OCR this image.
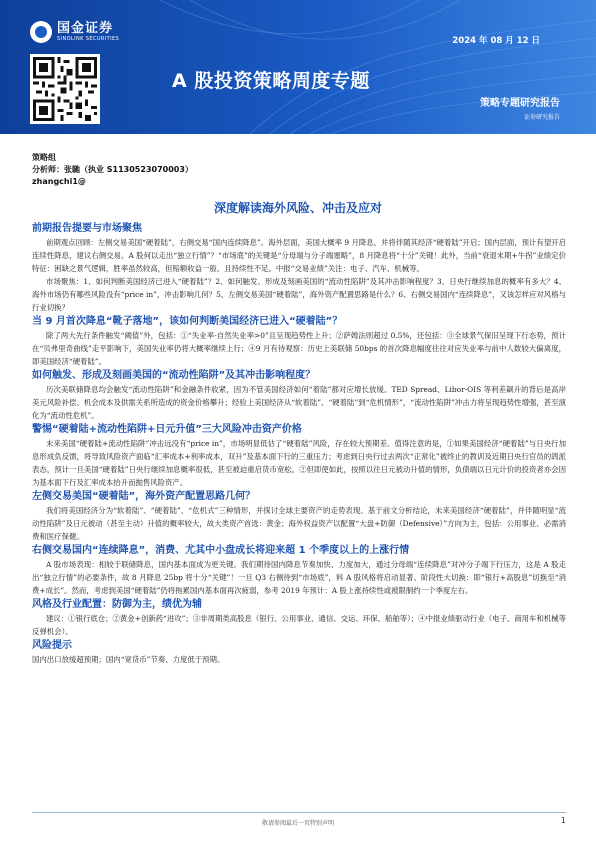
国金证券
SINOLINK SECURITIES	2024 年 08 月 12 日
A 股投资策略周度专题
策略专题研究报告
证券研究报告
策略组
分析师：张馳（执业 S1130523070003）
zhangchi1@
深度解读海外风险、冲击及应对
前期报告提要与市场聚焦

前期观点回顾：左侧交易美国“硬着陆”，右侧交易“国内连续降息”。海外层面，美国大概率 9 月降息，并将伴随其经济“硬着陆”开启；国内层面，预计有望开启连续性降息，建议右侧交易。A 股何以走出“独立行情”？“市场底”的关键是“分母端与分子端塞略”，8 月降息将“十分”关键！此外，当前“衰退末期+牛拐”业绩定价特征：困缺之景气逻辑，胜率虽然较高，但赔额收益一般、且持续性不足。中报“交易业绩”关注：电子、汽车、机械等。

市场聚焦：1、如何判断美国经济已进入“硬着陆”？2、如何触发、形成及刻画美国的“流动性陷阱”及其冲击影响程度？3、日央行继续加息的概率有多大？4、海外市场仍有哪些风险没有“price in”，冲击影响几何？5、左侧交易美国“硬着陆”，海外资产配置思路是什么？6、右侧交易国内“连续降息”，又该怎样应对风格与行业切换？

当 9 月首次降息“靴子落地”，该如何判断美国经济已进入“硬着陆”？

除了两大先行条件触发“阈值”外，包括：①“失业率-自然失业率>0”且呈现趋势性上升；②萨姆法则超过 0.5%，还包括：③全球景气保旧呈现下行态势，预计在“贝弗里奇曲线”走平影响下，美国失业率仍将大概率继续上行；④9 月有待观察：历史上美联储 50bps 的首次降息幅度往往对应失业率与前中人数较大偏离度，即美国经济“硬着陆”。

如何触发、形成及刻画美国的“流动性陷阱”及其冲击影响程度？

历次美联储降息均会触发“流动性陷阱”和金融条件收紧，因为不管美国经济如何“着陆”都对应增长放缓。TED Spread、Libor-OIS 等利差飙升的背后是高岸美元风险补偿、机会成本及供需关系所造成的资金价格攀升；经验上美国经济从“软着陆”、“硬着陆”到“危机情形”，“流动性陷阱”冲击力将呈现趋势性增强，甚至演化为“流动性危机”。

警惕“硬着陆+流动性陷阱+日元升值”三大风险冲击资产价格

未来美国“硬着陆+流动性陷阱”冲击远没有“price in”，市场明显低估了“硬着陆”风险，存在较大预期差。值得注意的是，①如果美国经济“硬着陆”与日央行加息形成负反馈，将导致风险资产面临“汇率成本+利率成本，双升”及基本面下行的三重压力；考虑到日央行过去两次“正常化”被终止的教训及近期日央行官员的鸽派表态，预计一旦美国“硬着陆”日央行继续加息概率很低，甚至被迫重启货币宽松。②但即使如此，按照以往日元被动升值的情形，负债端以日元计价的投资者亦会因为基本面下行及汇率成本抬升而抛售风险资产。

左侧交易美国“硬着陆”，海外资产配置思路几何？

我们将美国经济分为“软着陆”、“硬着陆”、“危机式”三种情形，并探讨全球主要资产的走势表现。基于前文分析结论，未来美国经济“硬着陆”，并伴随明显“流动性陷阱”及日元被动（甚至主动）升值的概率较大，故大类资产首选：黄金；海外权益资产以配置“大盘+防御（Defensive）”方向为主，包括：公用事业、必需消费和医疗保健。

右侧交易国内“连续降息”，消费、尤其中小盘成长将迎来超 1 个季度以上的上涨行情

A 股市场表现：相较于联储降息，国内基本面成为更关键。我们期待国内降息节奏加快、力度加大，通过分母端“连续降息”对冲分子端下行压力，这是 A 股走出“独立行情”的必要条件，故 8 月降息 25bp 将十分“关键”！一旦 Q3 右侧待到“市场底”，料 A 股风格将启动显著、阶段性大切换：即“银行+高股息”切换至“消费+成长”。然而，考虑到美国“硬着陆”仍将拖累国内基本面再次疲弱，参考 2019 年预计：A 股上涨持续性或被限制约一个季度左右。

风格及行业配置：防御为主，绩优为辅

建议：①银行底仓；②黄金+创新药“进攻”；③非周期类高股息（银行、公用事业、通信、交运、环保、船舶等）；④中报业绩驱动行业（电子、商用车和机械等反弹机会）。

风险提示

国内出口放缓超预期；国内“宽货币”节奏、力度低于预期。

敬请参阅最后一页特别声明	1
